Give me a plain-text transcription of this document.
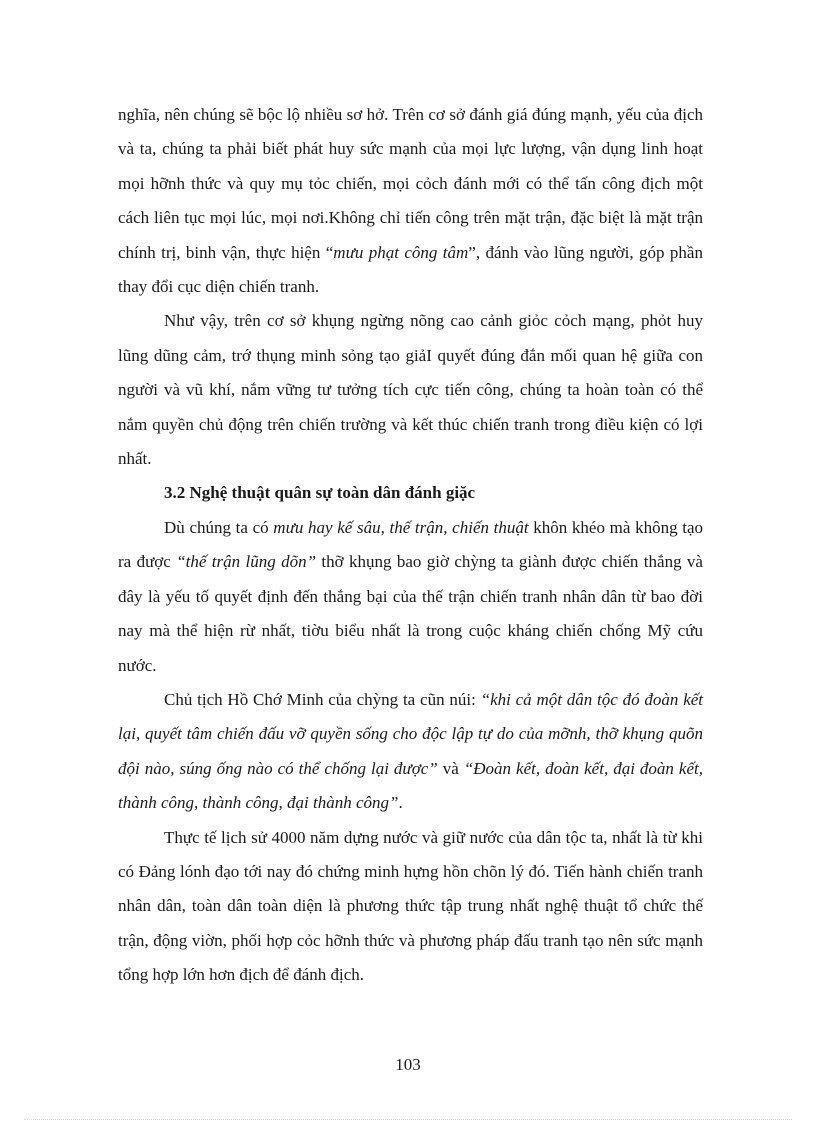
nghĩa, nên chúng sẽ bộc lộ nhiều sơ hở. Trên cơ sở đánh giá đúng mạnh, yếu của địch và ta, chúng ta phải biết phát huy sức mạnh của mọi lực lượng, vận dụng linh hoạt mọi hỡnh thức và quy mụ tỏc chiến, mọi cỏch đánh mới có thể tấn công địch một cách liên tục mọi lúc, mọi nơi.Không chỉ tiến công trên mặt trận, đặc biệt là mặt trận chính trị, binh vận, thực hiện “mưu phạt công tâm”, đánh vào lũng người, góp phần thay đổi cục diện chiến tranh.

Như vậy, trên cơ sở khụng ngừng nõng cao cảnh giỏc cỏch mạng, phỏt huy lũng dũng cảm, trớ thụng minh sỏng tạo giảI quyết đúng đắn mối quan hệ giữa con người và vũ khí, nắm vững tư tưởng tích cực tiến công, chúng ta hoàn toàn có thể nắm quyền chủ động trên chiến trường và kết thúc chiến tranh trong điều kiện có lợi nhất.

3.2 Nghệ thuật quân sự toàn dân đánh giặc

Dù chúng ta có mưu hay kế sâu, thế trận, chiến thuật khôn khéo mà không tạo ra được “thế trận lũng dõn” thỡ khụng bao giờ chỳng ta giành được chiến thắng và đây là yếu tố quyết định đến thắng bại của thế trận chiến tranh nhân dân từ bao đời nay mà thể hiện rừ nhất, tiờu biểu nhất là trong cuộc kháng chiến chống Mỹ cứu nước.

Chủ tịch Hồ Chớ Minh của chỳng ta cũn núi: “khi cả một dân tộc đó đoàn kết lại, quyết tâm chiến đấu vỡ quyền sống cho độc lập tự do của mỡnh, thỡ khụng quõn đội nào, súng ống nào có thể chống lại được” và “Đoàn kết, đoàn kết, đại đoàn kết, thành công, thành công, đại thành công”.

Thực tế lịch sử 4000 năm dựng nước và giữ nước của dân tộc ta, nhất là từ khi có Đảng lónh đạo tới nay đó chứng minh hựng hồn chõn lý đó. Tiến hành chiến tranh nhân dân, toàn dân toàn diện là phương thức tập trung nhất nghệ thuật tổ chức thế trận, động viờn, phối hợp cỏc hỡnh thức và phương pháp đấu tranh tạo nên sức mạnh tổng hợp lớn hơn địch để đánh địch.

103
